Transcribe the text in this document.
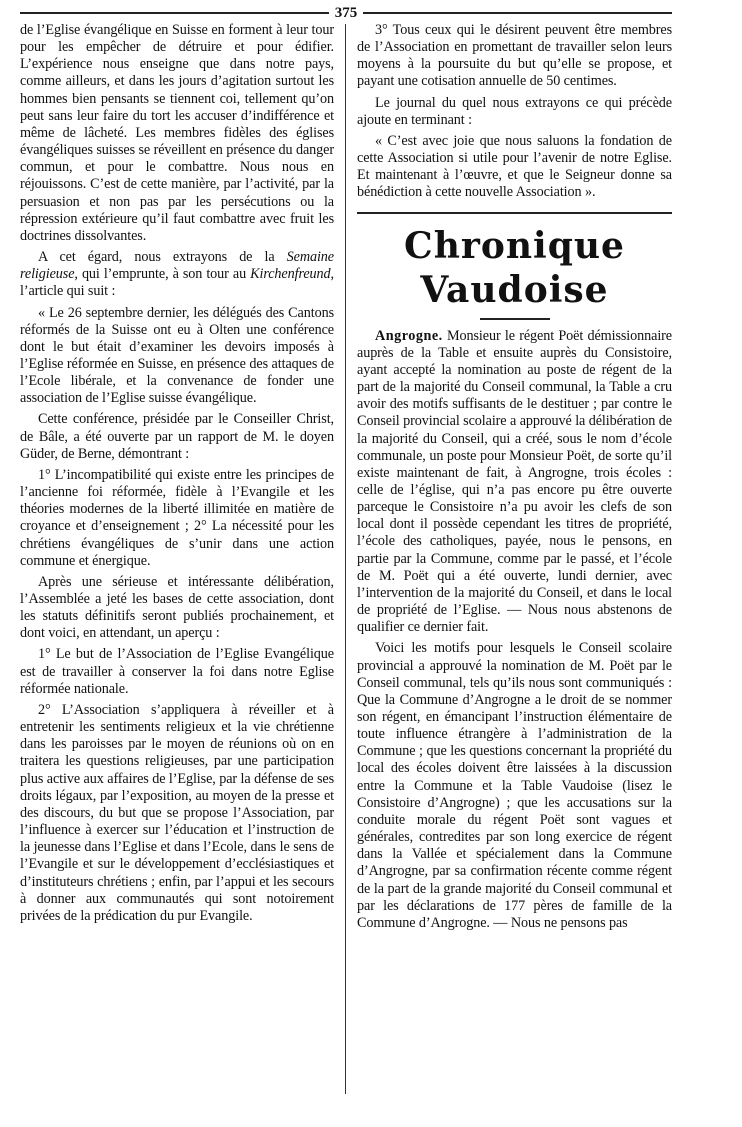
375

de l’Eglise évangélique en Suisse en forment à leur tour pour les empêcher de détruire et pour édifier. L’expérience nous enseigne que dans notre pays, comme ailleurs, et dans les jours d’agitation surtout les hommes bien pensants se tiennent coi, tellement qu’on peut sans leur faire du tort les accuser d’indifférence et même de lâcheté. Les membres fidèles des églises évangéliques suisses se réveillent en présence du danger commun, et pour le combattre. Nous nous en réjouissons. C’est de cette manière, par l’activité, par la persuasion et non pas par les persécutions ou la répression extérieure qu’il faut combattre avec fruit les doctrines dissolvantes.

A cet égard, nous extrayons de la Semaine religieuse, qui l’emprunte, à son tour au Kirchenfreund, l’article qui suit :

« Le 26 septembre dernier, les délégués des Cantons réformés de la Suisse ont eu à Olten une conférence dont le but était d’examiner les devoirs imposés à l’Eglise réformée en Suisse, en présence des attaques de l’Ecole libérale, et la convenance de fonder une association de l’Eglise suisse évangélique.

Cette conférence, présidée par le Conseiller Christ, de Bâle, a été ouverte par un rapport de M. le doyen Güder, de Berne, démontrant :

1° L’incompatibilité qui existe entre les principes de l’ancienne foi réformée, fidèle à l’Evangile et les théories modernes de la liberté illimitée en matière de croyance et d’enseignement ; 2° La nécessité pour les chrétiens évangéliques de s’unir dans une action commune et énergique.

Après une sérieuse et intéressante délibération, l’Assemblée a jeté les bases de cette association, dont les statuts définitifs seront publiés prochainement, et dont voici, en attendant, un aperçu :

1° Le but de l’Association de l’Eglise Evangélique est de travailler à conserver la foi dans notre Eglise réformée nationale.

2° L’Association s’appliquera à réveiller et à entretenir les sentiments religieux et la vie chrétienne dans les paroisses par le moyen de réunions où on en traitera les questions religieuses, par une participation plus active aux affaires de l’Eglise, par la défense de ses droits légaux, par l’exposition, au moyen de la presse et des discours, du but que se propose l’Association, par l’influence à exercer sur l’éducation et l’instruction de la jeunesse dans l’Eglise et dans l’Ecole, dans le sens de l’Evangile et sur le développement d’ecclésiastiques et d’instituteurs chrétiens ; enfin, par l’appui et les secours à donner aux communautés qui sont notoirement privées de la prédication du pur Evangile.

3° Tous ceux qui le désirent peuvent être membres de l’Association en promettant de travailler selon leurs moyens à la poursuite du but qu’elle se propose, et payant une cotisation annuelle de 50 centimes.

Le journal du quel nous extrayons ce qui précède ajoute en terminant :

« C’est avec joie que nous saluons la fondation de cette Association si utile pour l’avenir de notre Eglise. Et maintenant à l’œuvre, et que le Seigneur donne sa bénédiction à cette nouvelle Association ».

Chronique Vaudoise

Angrogne. Monsieur le régent Poët démissionnaire auprès de la Table et ensuite auprès du Consistoire, ayant accepté la nomination au poste de régent de la part de la majorité du Conseil communal, la Table a cru avoir des motifs suffisants de le destituer ; par contre le Conseil provincial scolaire a approuvé la délibération de la majorité du Conseil, qui a créé, sous le nom d’école communale, un poste pour Monsieur Poët, de sorte qu’il existe maintenant de fait, à Angrogne, trois écoles : celle de l’église, qui n’a pas encore pu être ouverte parceque le Consistoire n’a pu avoir les clefs de son local dont il possède cependant les titres de propriété, l’école des catholiques, payée, nous le pensons, en partie par la Commune, comme par le passé, et l’école de M. Poët qui a été ouverte, lundi dernier, avec l’intervention de la majorité du Conseil, et dans le local de propriété de l’Eglise. — Nous nous abstenons de qualifier ce dernier fait.

Voici les motifs pour lesquels le Conseil scolaire provincial a approuvé la nomination de M. Poët par le Conseil communal, tels qu’ils nous sont communiqués : Que la Commune d’Angrogne a le droit de se nommer son régent, en émancipant l’instruction élémentaire de toute influence étrangère à l’administration de la Commune ; que les questions concernant la propriété du local des écoles doivent être laissées à la discussion entre la Commune et la Table Vaudoise (lisez le Consistoire d’Angrogne) ; que les accusations sur la conduite morale du régent Poët sont vagues et générales, contredites par son long exercice de régent dans la Vallée et spécialement dans la Commune d’Angrogne, par sa confirmation récente comme régent de la part de la grande majorité du Conseil communal et par les déclarations de 177 pères de famille de la Commune d’Angrogne. — Nous ne pensons pas
